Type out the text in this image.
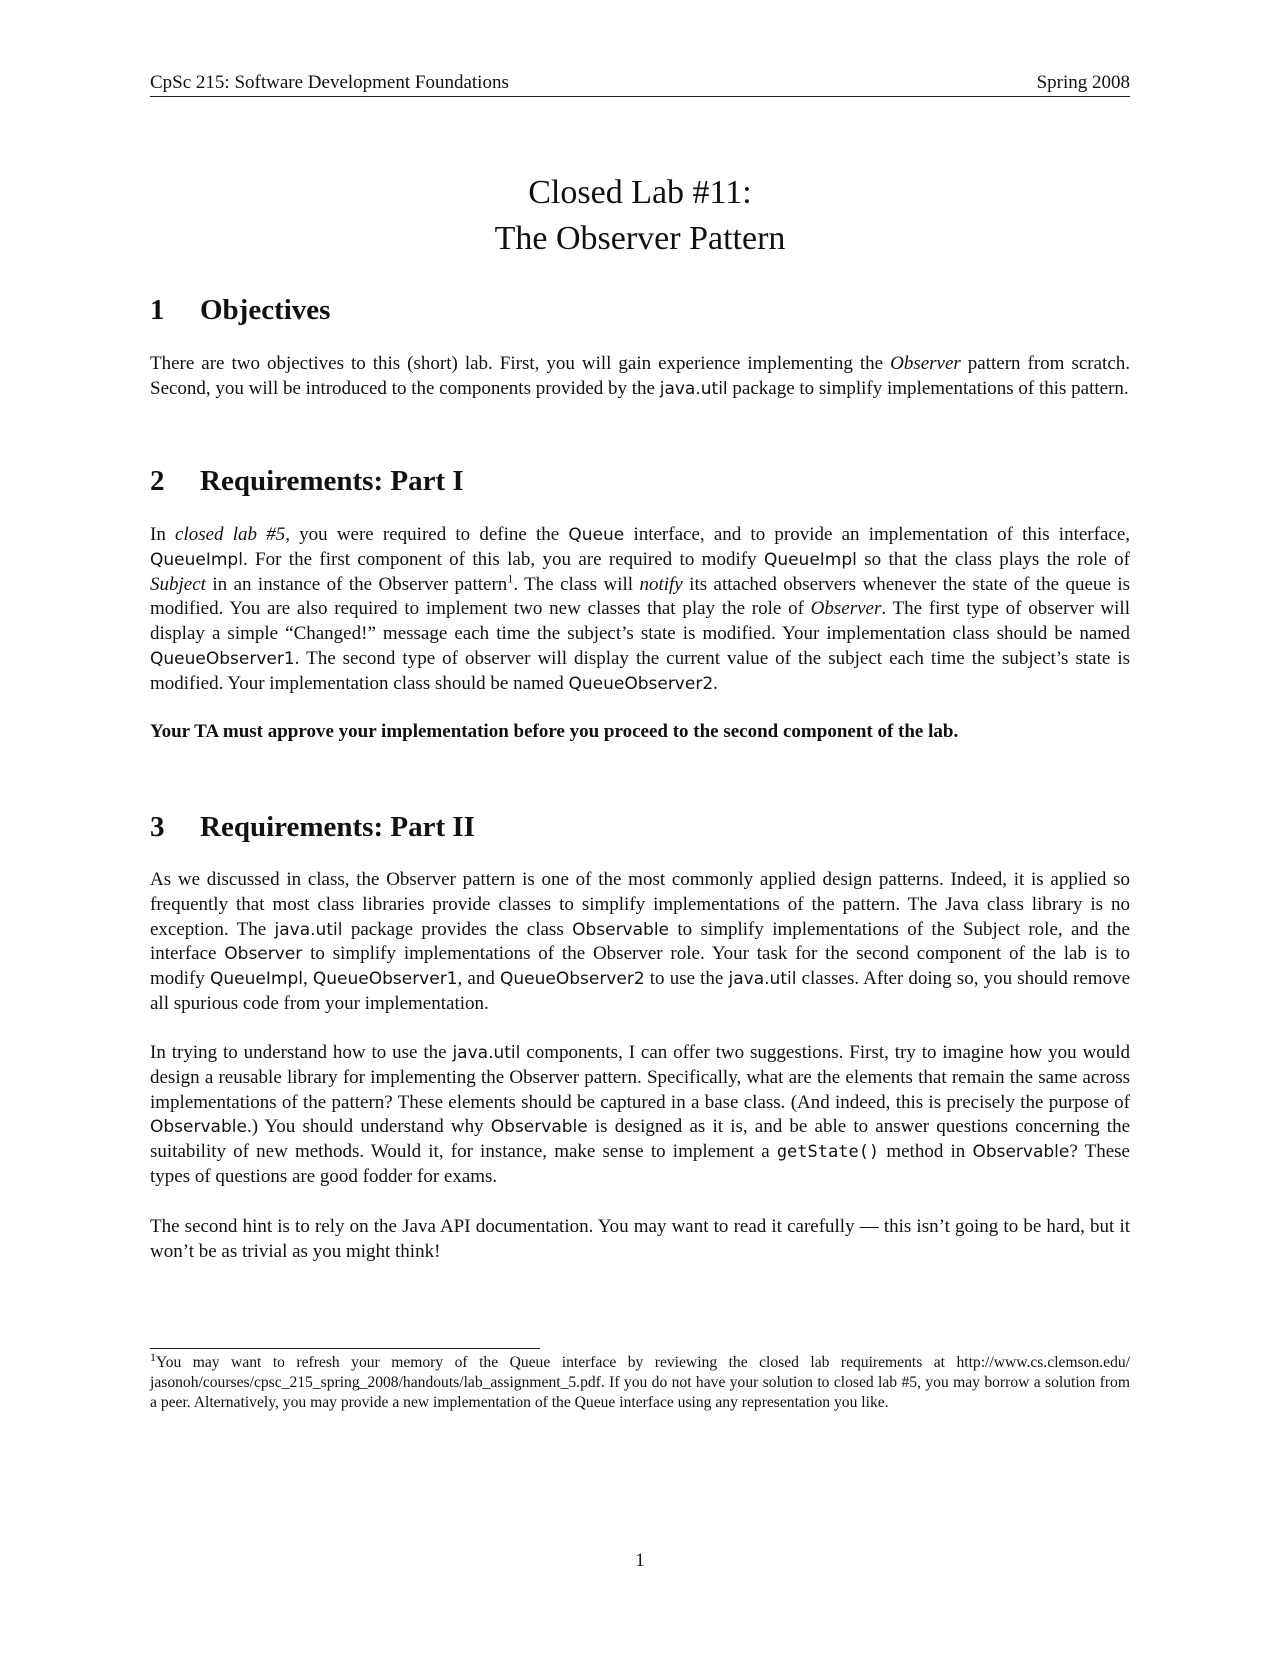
CpSc 215: Software Development Foundations	Spring 2008
Closed Lab #11:
The Observer Pattern
1 Objectives

There are two objectives to this (short) lab. First, you will gain experience implementing the Observer pattern from scratch. Second, you will be introduced to the components provided by the java.util package to simplify implementations of this pattern.

2 Requirements: Part I

In closed lab #5, you were required to define the Queue interface, and to provide an implementation of this interface, QueueImpl. For the first component of this lab, you are required to modify QueueImpl so that the class plays the role of Subject in an instance of the Observer pattern$^1$. The class will notify its attached observers whenever the state of the queue is modified. You are also required to implement two new classes that play the role of Observer. The first type of observer will display a simple “Changed!” message each time the subject’s state is modified. Your implementation class should be named QueueObserver1. The second type of observer will display the current value of the subject each time the subject’s state is modified. Your implementation class should be named QueueObserver2.

Your TA must approve your implementation before you proceed to the second component of the lab.

3 Requirements: Part II

As we discussed in class, the Observer pattern is one of the most commonly applied design patterns. Indeed, it is applied so frequently that most class libraries provide classes to simplify implementations of the pattern. The Java class library is no exception. The java.util package provides the class Observable to simplify implementations of the Subject role, and the interface Observer to simplify implementations of the Observer role. Your task for the second component of the lab is to modify QueueImpl, QueueObserver1, and QueueObserver2 to use the java.util classes. After doing so, you should remove all spurious code from your implementation.

In trying to understand how to use the java.util components, I can offer two suggestions. First, try to imagine how you would design a reusable library for implementing the Observer pattern. Specifically, what are the elements that remain the same across implementations of the pattern? These elements should be captured in a base class. (And indeed, this is precisely the purpose of Observable.) You should understand why Observable is designed as it is, and be able to answer questions concerning the suitability of new methods. Would it, for instance, make sense to implement a getState() method in Observable? These types of questions are good fodder for exams.

The second hint is to rely on the Java API documentation. You may want to read it carefully — this isn’t going to be hard, but it won’t be as trivial as you might think!

$^1$You may want to refresh your memory of the Queue interface by reviewing the closed lab requirements at http://www.cs.clemson.edu/ jasonoh/courses/cpsc_215_spring_2008/handouts/lab_assignment_5.pdf. If you do not have your solution to closed lab #5, you may borrow a solution from a peer. Alternatively, you may provide a new implementation of the Queue interface using any representation you like.

1
